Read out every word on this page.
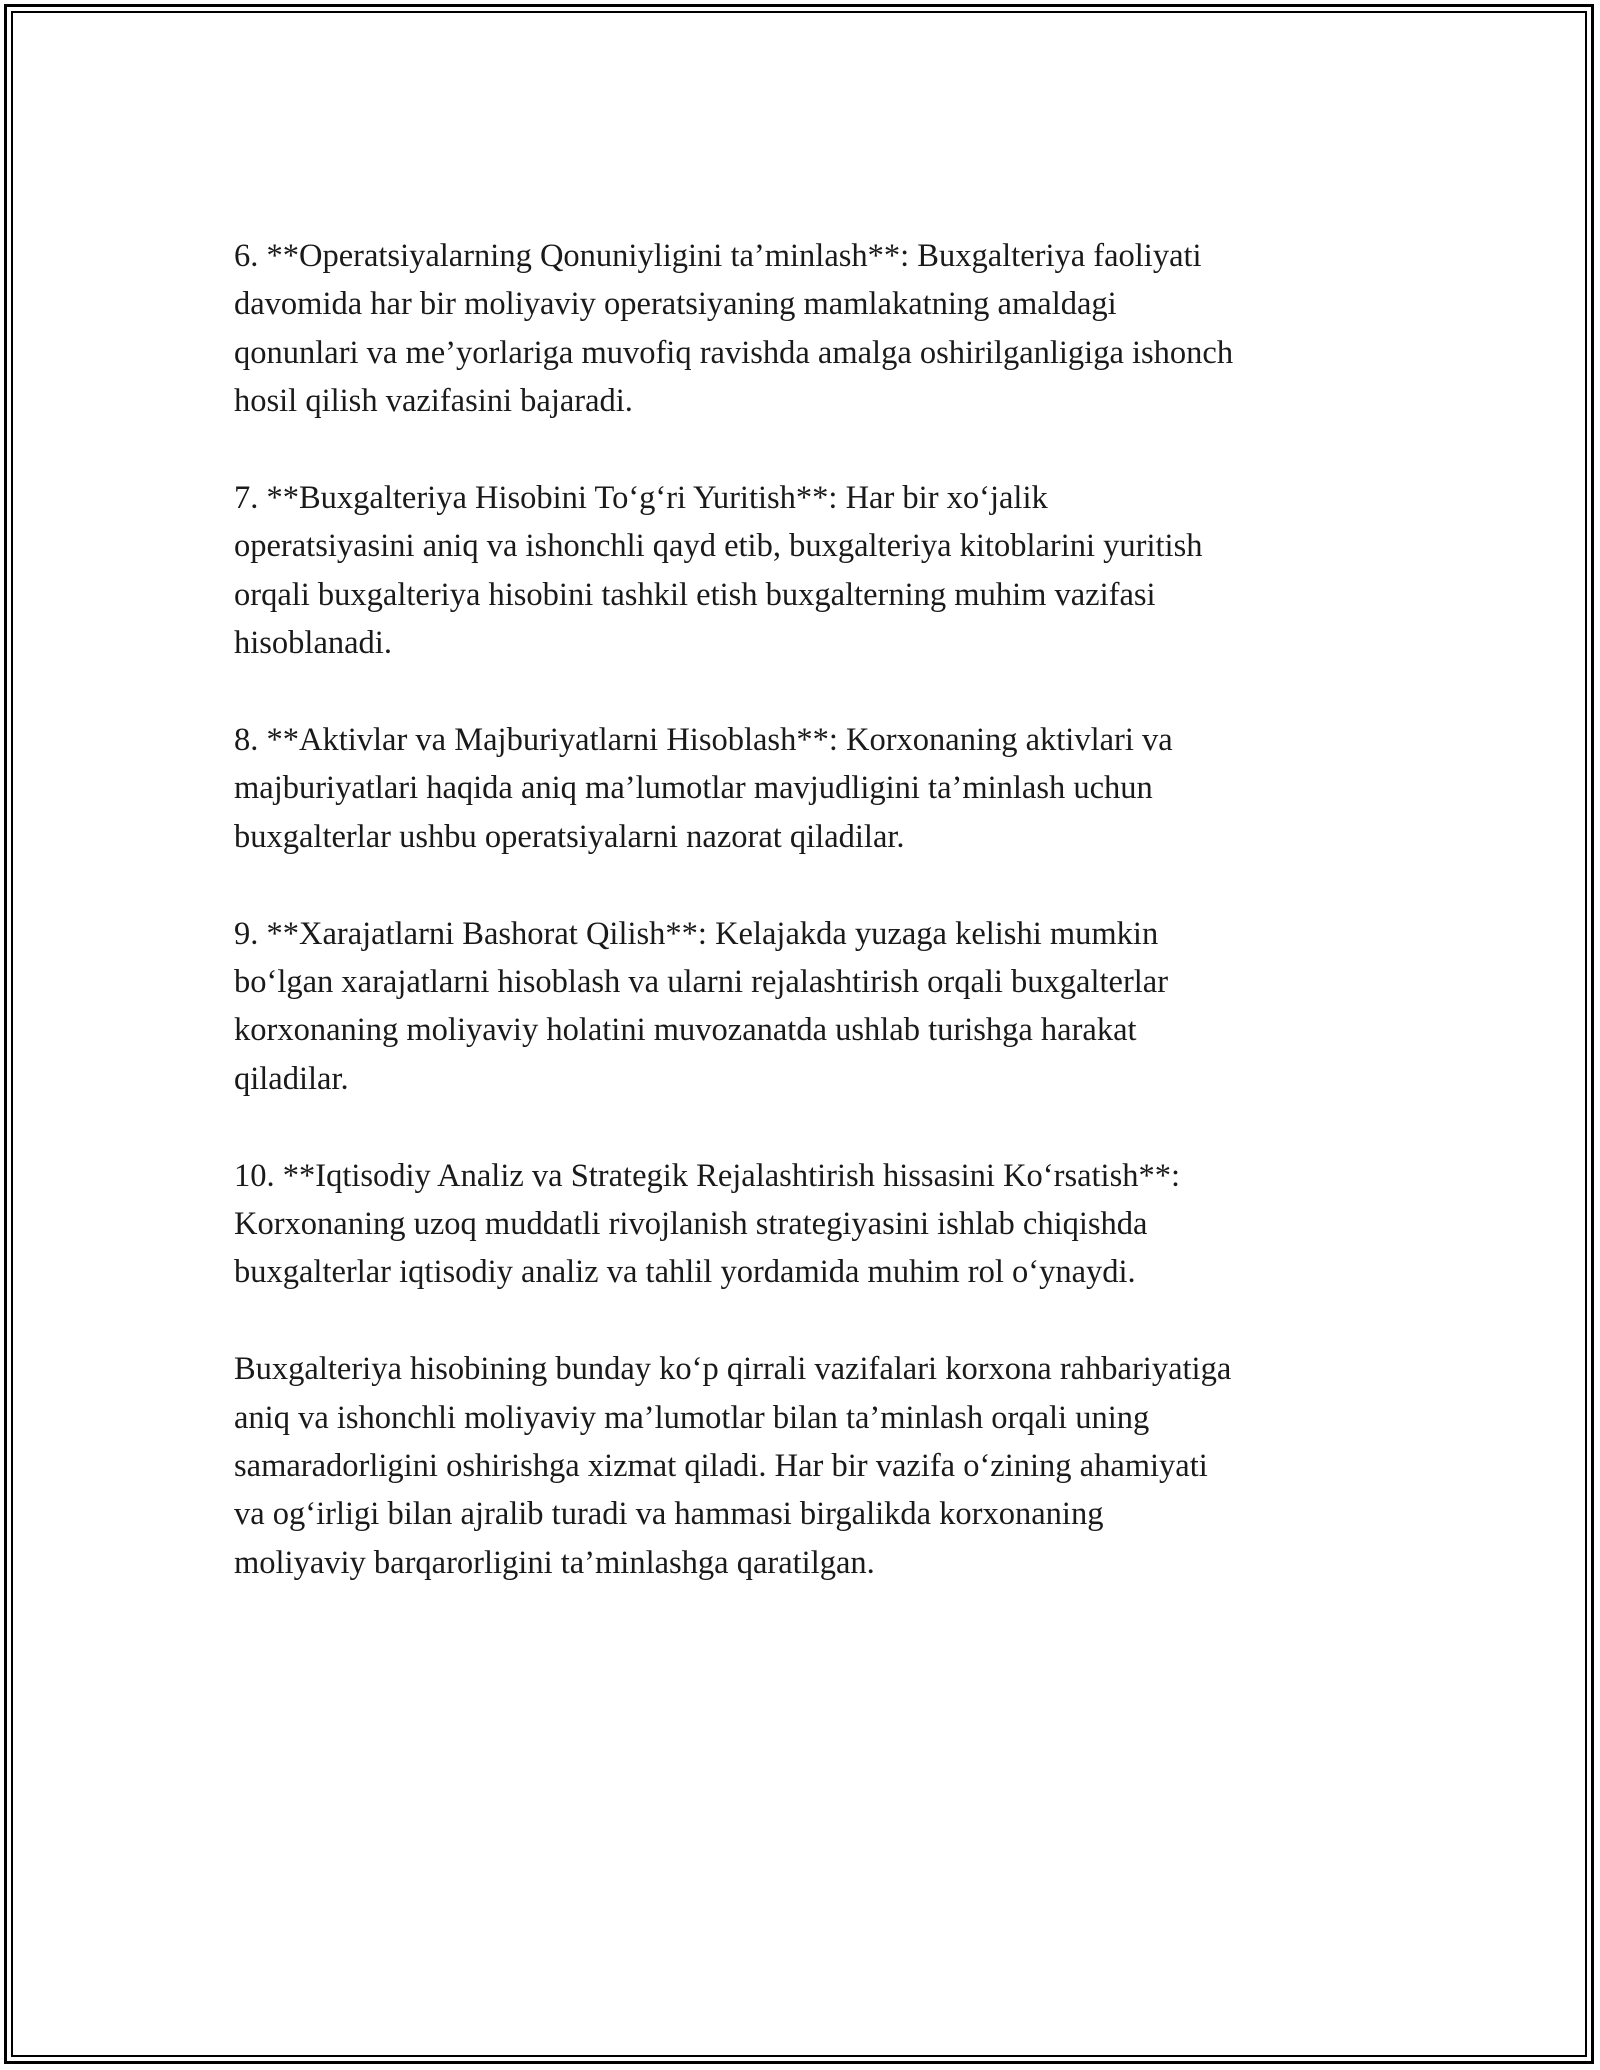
6. **Operatsiyalarning Qonuniyligini ta’minlash**: Buxgalteriya faoliyati
davomida har bir moliyaviy operatsiyaning mamlakatning amaldagi
qonunlari va me’yorlariga muvofiq ravishda amalga oshirilganligiga ishonch
hosil qilish vazifasini bajaradi.

7. **Buxgalteriya Hisobini To‘g‘ri Yuritish**: Har bir xo‘jalik
operatsiyasini aniq va ishonchli qayd etib, buxgalteriya kitoblarini yuritish
orqali buxgalteriya hisobini tashkil etish buxgalterning muhim vazifasi
hisoblanadi.

8. **Aktivlar va Majburiyatlarni Hisoblash**: Korxonaning aktivlari va
majburiyatlari haqida aniq ma’lumotlar mavjudligini ta’minlash uchun
buxgalterlar ushbu operatsiyalarni nazorat qiladilar.

9. **Xarajatlarni Bashorat Qilish**: Kelajakda yuzaga kelishi mumkin
bo‘lgan xarajatlarni hisoblash va ularni rejalashtirish orqali buxgalterlar
korxonaning moliyaviy holatini muvozanatda ushlab turishga harakat
qiladilar.

10. **Iqtisodiy Analiz va Strategik Rejalashtirish hissasini Ko‘rsatish**:
Korxonaning uzoq muddatli rivojlanish strategiyasini ishlab chiqishda
buxgalterlar iqtisodiy analiz va tahlil yordamida muhim rol o‘ynaydi.

Buxgalteriya hisobining bunday ko‘p qirrali vazifalari korxona rahbariyatiga
aniq va ishonchli moliyaviy ma’lumotlar bilan ta’minlash orqali uning
samaradorligini oshirishga xizmat qiladi. Har bir vazifa o‘zining ahamiyati
va og‘irligi bilan ajralib turadi va hammasi birgalikda korxonaning
moliyaviy barqarorligini ta’minlashga qaratilgan.
